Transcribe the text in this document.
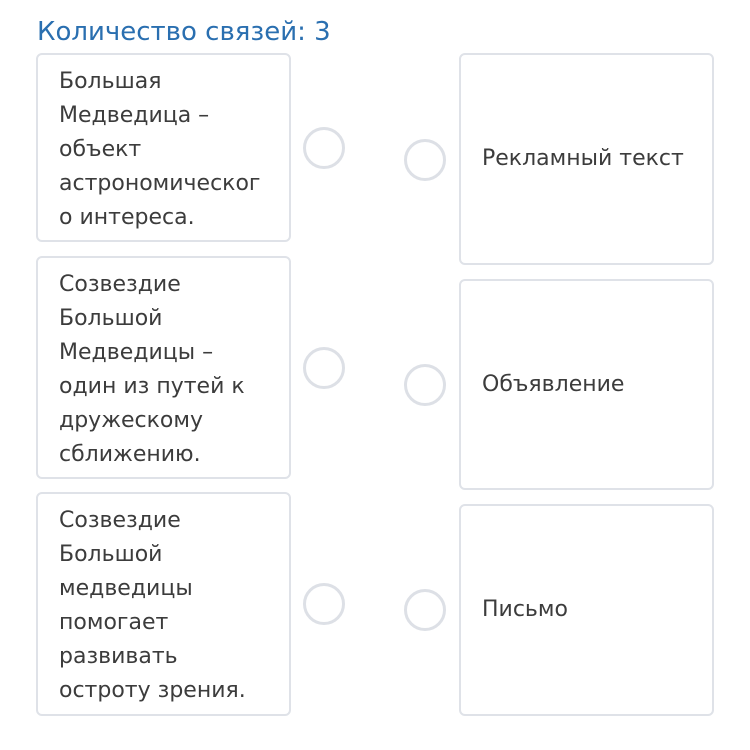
Количество связей: 3
Большая
Медведица –
объект
астрономическог
о интереса.
Созвездие
Большой
Медведицы –
один из путей к
дружескому
сближению.
Созвездие
Большой
медведицы
помогает
развивать
остроту зрения.
Рекламный текст
Объявление
Письмо
